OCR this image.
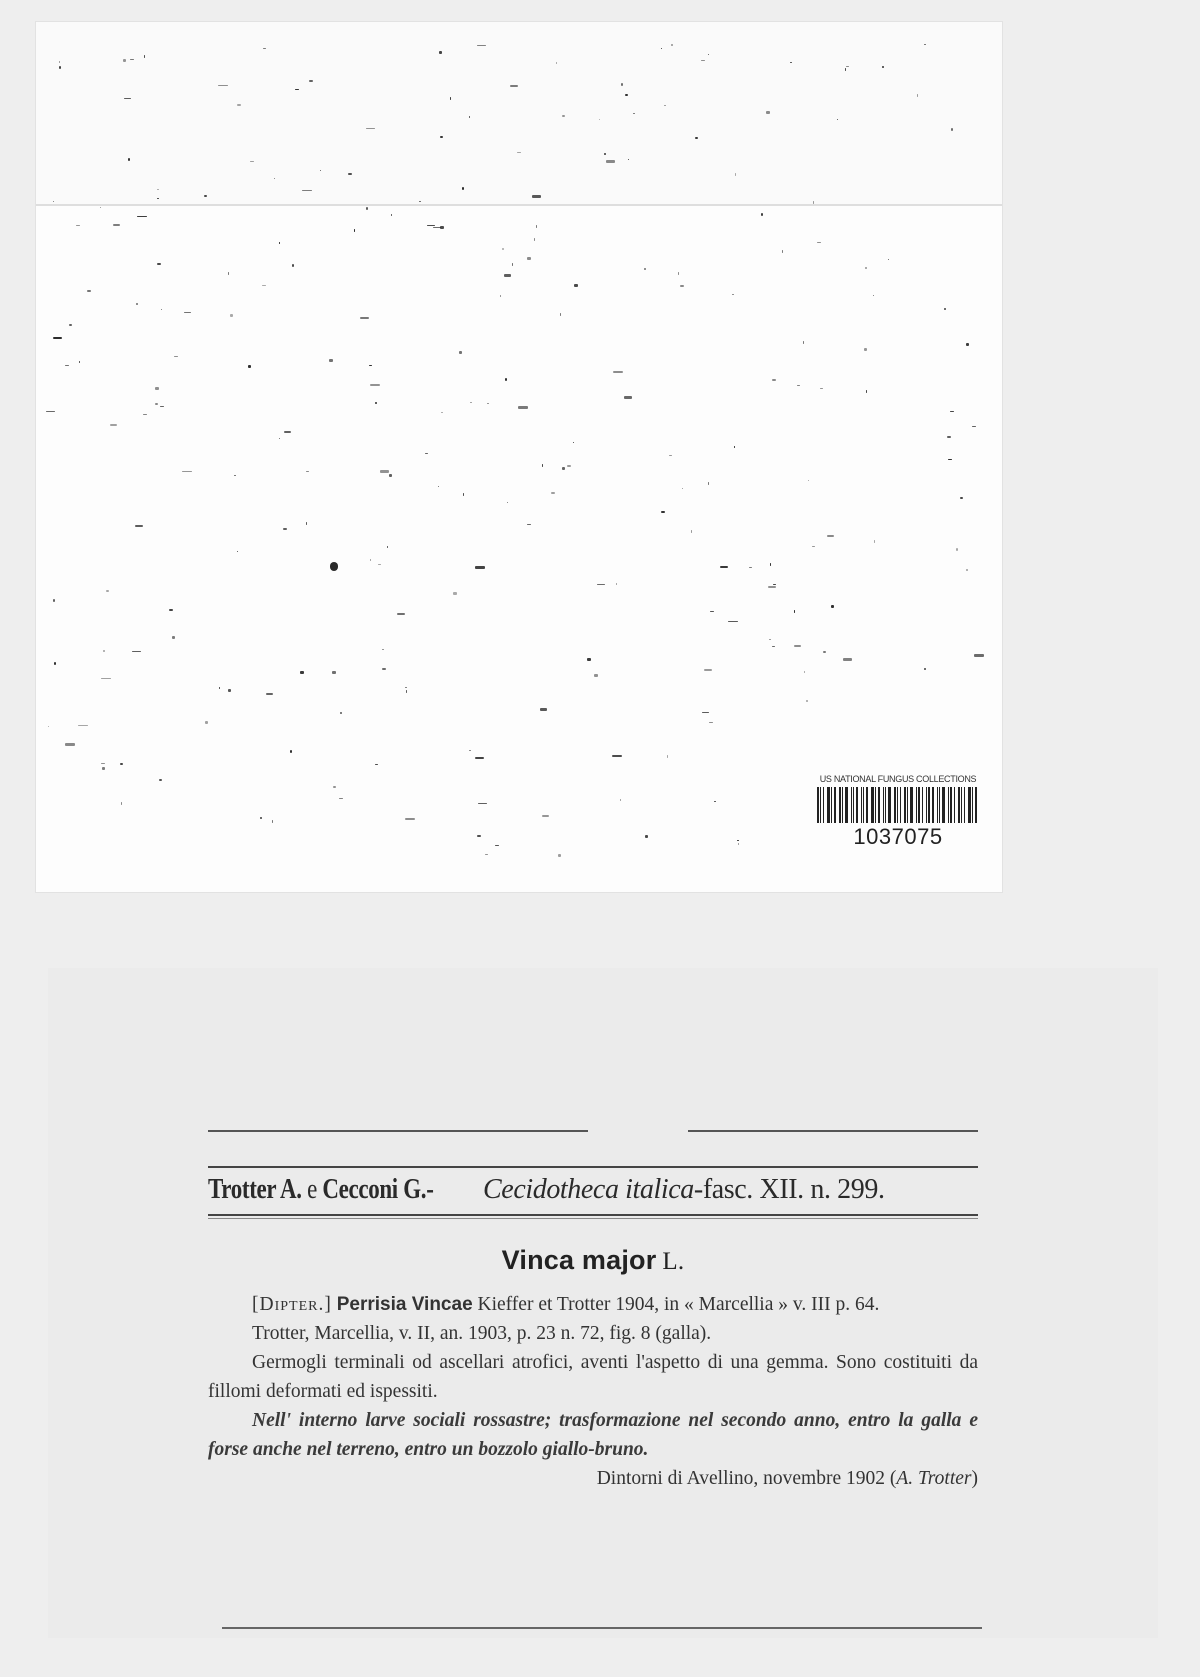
US NATIONAL FUNGUS COLLECTIONS
1037075
Trotter A. e Cecconi G.- Cecidotheca italica-fasc. XII. n. 299.
Vinca major L.
[Dipter.] Perrisia Vincae Kieffer et Trotter 1904, in « Marcellia » v. III p. 64.
Trotter, Marcellia, v. II, an. 1903, p. 23 n. 72, fig. 8 (galla).
Germogli terminali od ascellari atrofici, aventi l'aspetto di una gemma. Sono costituiti da fillomi deformati ed ispessiti.
Nell' interno larve sociali rossastre; trasformazione nel secondo anno, entro la galla e forse anche nel terreno, entro un bozzolo giallo-bruno.
Dintorni di Avellino, novembre 1902 (A. Trotter)
